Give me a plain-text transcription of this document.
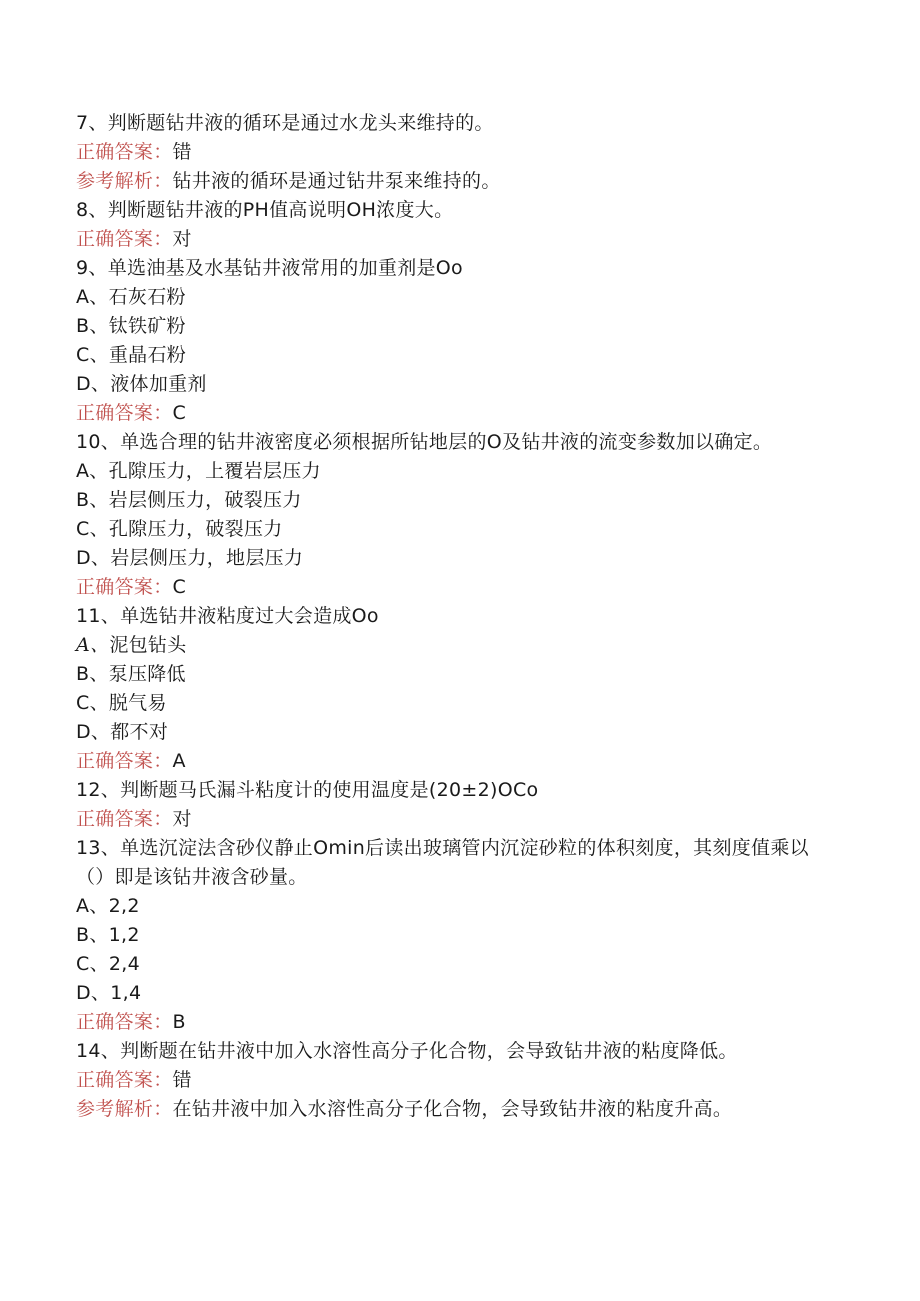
7、判断题钻井液的循环是通过水龙头来维持的。
正确答案：错
参考解析：钻井液的循环是通过钻井泵来维持的。
8、判断题钻井液的PH值高说明OH浓度大。
正确答案：对
9、单选油基及水基钻井液常用的加重剂是Oo
A、石灰石粉
B、钛铁矿粉
C、重晶石粉
D、液体加重剂
正确答案：C
10、单选合理的钻井液密度必须根据所钻地层的O及钻井液的流变参数加以确定。
A、孔隙压力，上覆岩层压力
B、岩层侧压力，破裂压力
C、孔隙压力，破裂压力
D、岩层侧压力，地层压力
正确答案：C
11、单选钻井液粘度过大会造成Oo
A、泥包钻头
B、泵压降低
C、脱气易
D、都不对
正确答案：A
12、判断题马氏漏斗粘度计的使用温度是(20±2)OCo
正确答案：对
13、单选沉淀法含砂仪静止Omin后读出玻璃管内沉淀砂粒的体积刻度，其刻度值乘以（）即是该钻井液含砂量。
A、2,2
B、1,2
C、2,4
D、1,4
正确答案：B
14、判断题在钻井液中加入水溶性高分子化合物，会导致钻井液的粘度降低。
正确答案：错
参考解析：在钻井液中加入水溶性高分子化合物，会导致钻井液的粘度升高。
